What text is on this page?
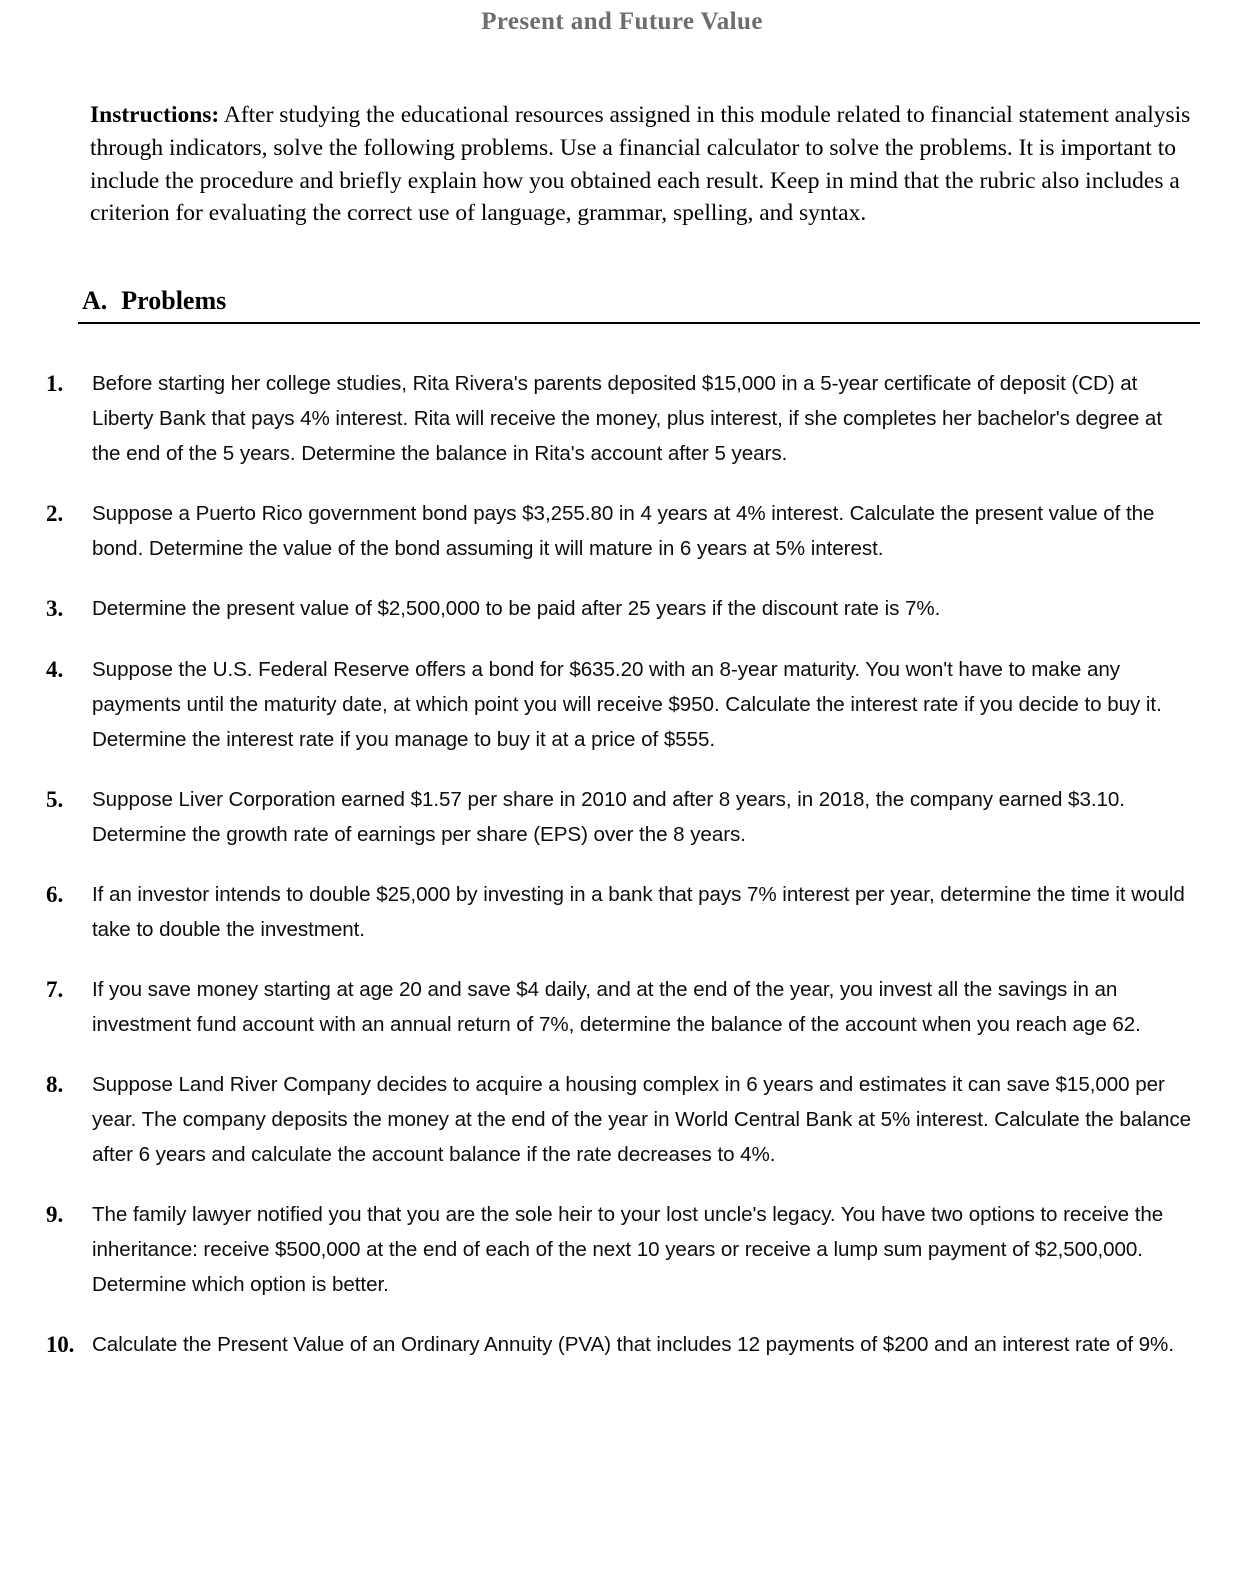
Present and Future Value

Instructions: After studying the educational resources assigned in this module related to financial statement analysis through indicators, solve the following problems. Use a financial calculator to solve the problems. It is important to include the procedure and briefly explain how you obtained each result. Keep in mind that the rubric also includes a criterion for evaluating the correct use of language, grammar, spelling, and syntax.

A. Problems
1.	Before starting her college studies, Rita Rivera's parents deposited $15,000 in a 5-year certificate of deposit (CD) at Liberty Bank that pays 4% interest. Rita will receive the money, plus interest, if she completes her bachelor's degree at the end of the 5 years. Determine the balance in Rita's account after 5 years.
2.	Suppose a Puerto Rico government bond pays $3,255.80 in 4 years at 4% interest. Calculate the present value of the bond. Determine the value of the bond assuming it will mature in 6 years at 5% interest.
3.	Determine the present value of $2,500,000 to be paid after 25 years if the discount rate is 7%.
4.	Suppose the U.S. Federal Reserve offers a bond for $635.20 with an 8-year maturity. You won't have to make any payments until the maturity date, at which point you will receive $950. Calculate the interest rate if you decide to buy it. Determine the interest rate if you manage to buy it at a price of $555.
5.	Suppose Liver Corporation earned $1.57 per share in 2010 and after 8 years, in 2018, the company earned $3.10. Determine the growth rate of earnings per share (EPS) over the 8 years.
6.	If an investor intends to double $25,000 by investing in a bank that pays 7% interest per year, determine the time it would take to double the investment.
7.	If you save money starting at age 20 and save $4 daily, and at the end of the year, you invest all the savings in an investment fund account with an annual return of 7%, determine the balance of the account when you reach age 62.
8.	Suppose Land River Company decides to acquire a housing complex in 6 years and estimates it can save $15,000 per year. The company deposits the money at the end of the year in World Central Bank at 5% interest. Calculate the balance after 6 years and calculate the account balance if the rate decreases to 4%.
9.	The family lawyer notified you that you are the sole heir to your lost uncle's legacy. You have two options to receive the inheritance: receive $500,000 at the end of each of the next 10 years or receive a lump sum payment of $2,500,000. Determine which option is better.
10. Calculate the Present Value of an Ordinary Annuity (PVA) that includes 12 payments of $200 and an interest rate of 9%.
